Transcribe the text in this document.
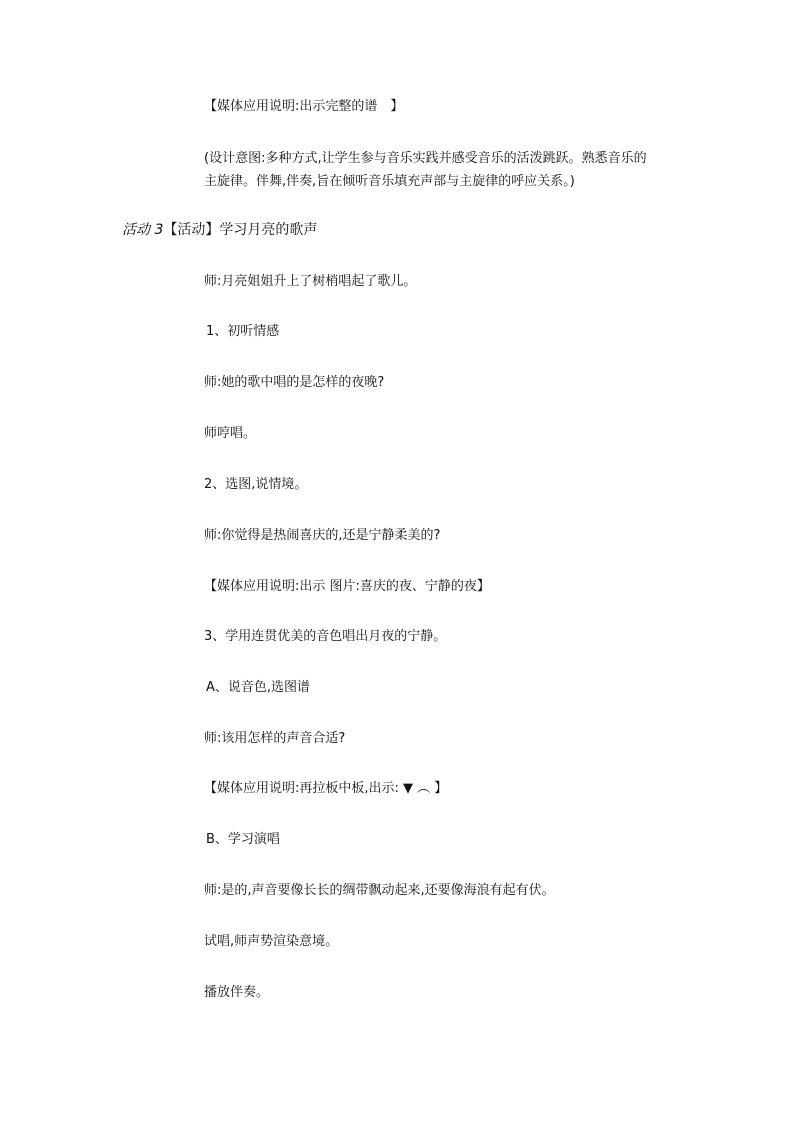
【媒体应用说明:出示完整的谱　】
(设计意图:多种方式,让学生参与音乐实践并感受音乐的活泼跳跃。熟悉音乐的
主旋律。伴舞,伴奏,旨在倾听音乐填充声部与主旋律的呼应关系。)
活动 3【活动】学习月亮的歌声
师:月亮姐姐升上了树梢唱起了歌儿。
1、初听情感
师:她的歌中唱的是怎样的夜晚?
师哼唱。
2、选图,说情境。
师:你觉得是热闹喜庆的,还是宁静柔美的?
【媒体应用说明:出示 图片:喜庆的夜、宁静的夜】
3、学用连贯优美的音色唱出月夜的宁静。
A、说音色,选图谱
师:该用怎样的声音合适?
【媒体应用说明:再拉板中板,出示: ▼ ︵ 】
B、学习演唱
师:是的,声音要像长长的绸带飘动起来,还要像海浪有起有伏。
试唱,师声势渲染意境。
播放伴奏。
